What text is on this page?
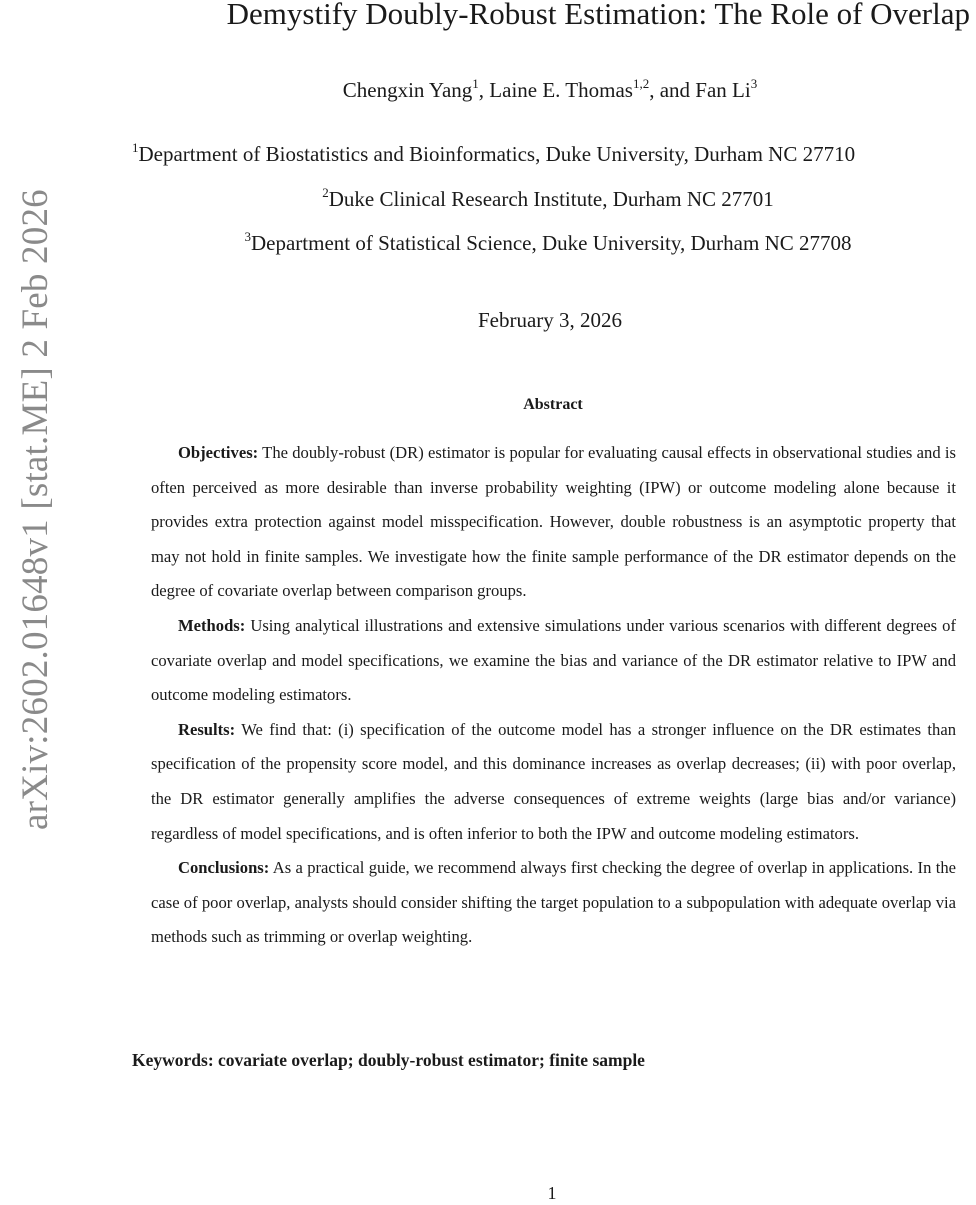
arXiv:2602.01648v1 [stat.ME] 2 Feb 2026
Demystify Doubly-Robust Estimation: The Role of Overlap
Chengxin Yang$^1$, Laine E. Thomas$^{1,2}$, and Fan Li$^3$
$^1$Department of Biostatistics and Bioinformatics, Duke University, Durham NC 27710
$^2$Duke Clinical Research Institute, Durham NC 27701
$^3$Department of Statistical Science, Duke University, Durham NC 27708
February 3, 2026
Abstract

Objectives: The doubly-robust (DR) estimator is popular for evaluating causal effects in observational studies and is often perceived as more desirable than inverse probability weighting (IPW) or outcome modeling alone because it provides extra protection against model misspecification. However, double robustness is an asymptotic property that may not hold in finite samples. We investigate how the finite sample performance of the DR estimator depends on the degree of covariate overlap between comparison groups.

Methods: Using analytical illustrations and extensive simulations under various scenarios with different degrees of covariate overlap and model specifications, we examine the bias and variance of the DR estimator relative to IPW and outcome modeling estimators.

Results: We find that: (i) specification of the outcome model has a stronger influence on the DR estimates than specification of the propensity score model, and this dominance increases as overlap decreases; (ii) with poor overlap, the DR estimator generally amplifies the adverse consequences of extreme weights (large bias and/or variance) regardless of model specifications, and is often inferior to both the IPW and outcome modeling estimators.

Conclusions: As a practical guide, we recommend always first checking the degree of overlap in applications. In the case of poor overlap, analysts should consider shifting the target population to a subpopulation with adequate overlap via methods such as trimming or overlap weighting.

Keywords: covariate overlap; doubly-robust estimator; finite sample
1
